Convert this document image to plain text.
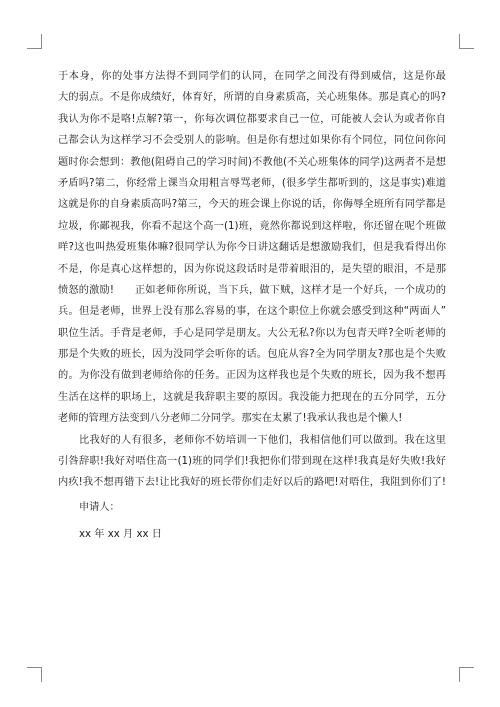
于本身，你的处事方法得不到同学们的认同，在同学之间没有得到威信，这是你最
大的弱点。不是你成绩好，体育好，所谓的自身素质高，关心班集体。那是真心的吗?
我认为你不是咯!点解?第一，你每次调位都要求自己一位，可能被人会认为或者你自
己都会认为这样学习不会受别人的影响。但是你有想过如果你有个同位，同位问你问
题时你会想到：教他(阻碍自己的学习时间)不教他(不关心班集体的同学)这两者不是想
矛盾吗?第二，你经常上课当众用粗言辱骂老师，(很多学生都听到的，这是事实)难道
这就是你的自身素质高吗?第三，今天的班会课上你说的话，你侮辱全班所有同学都是
垃圾，你鄙视我，你看不起这个高一(1)班，竟然你都说到这样啦，你还留在呢个班做
咩?这也叫热爱班集体嘛?很同学认为你今日讲这翻话是想激励我们，但是我看得出你
不是，你是真心这样想的，因为你说这段话时是带着眼泪的，是失望的眼泪，不是那
愤怒的激励!　　正如老师你所说，当下兵，做下贼，这样才是一个好兵，一个成功的
兵。但是老师，世界上没有那么容易的事，在这个职位上你就会感受到这种“两面人”
职位生活。手背是老师，手心是同学是朋友。大公无私?你以为包青天咩?全听老师的
那是个失败的班长，因为没同学会听你的话。包庇从容?全为同学朋友?那也是个失败
的。为你没有做到老师给你的任务。正因为这样我也是个失败的班长，因为我不想再
生活在这样的职场上，这就是我辞职主要的原因。我没能力把现在的五分同学，五分
老师的管理方法变到八分老师二分同学。那实在太累了!我承认我也是个懒人!
比我好的人有很多，老师你不妨培训一下他们，我相信他们可以做到。我在这里
引咎辞职!我好对唔住高一(1)班的同学们!我把你们带到现在这样!我真是好失败!我好
内疚!我不想再错下去!让比我好的班长带你们走好以后的路吧!对唔住，我阻到你们了!
申请人：
xx 年 xx 月 xx 日
